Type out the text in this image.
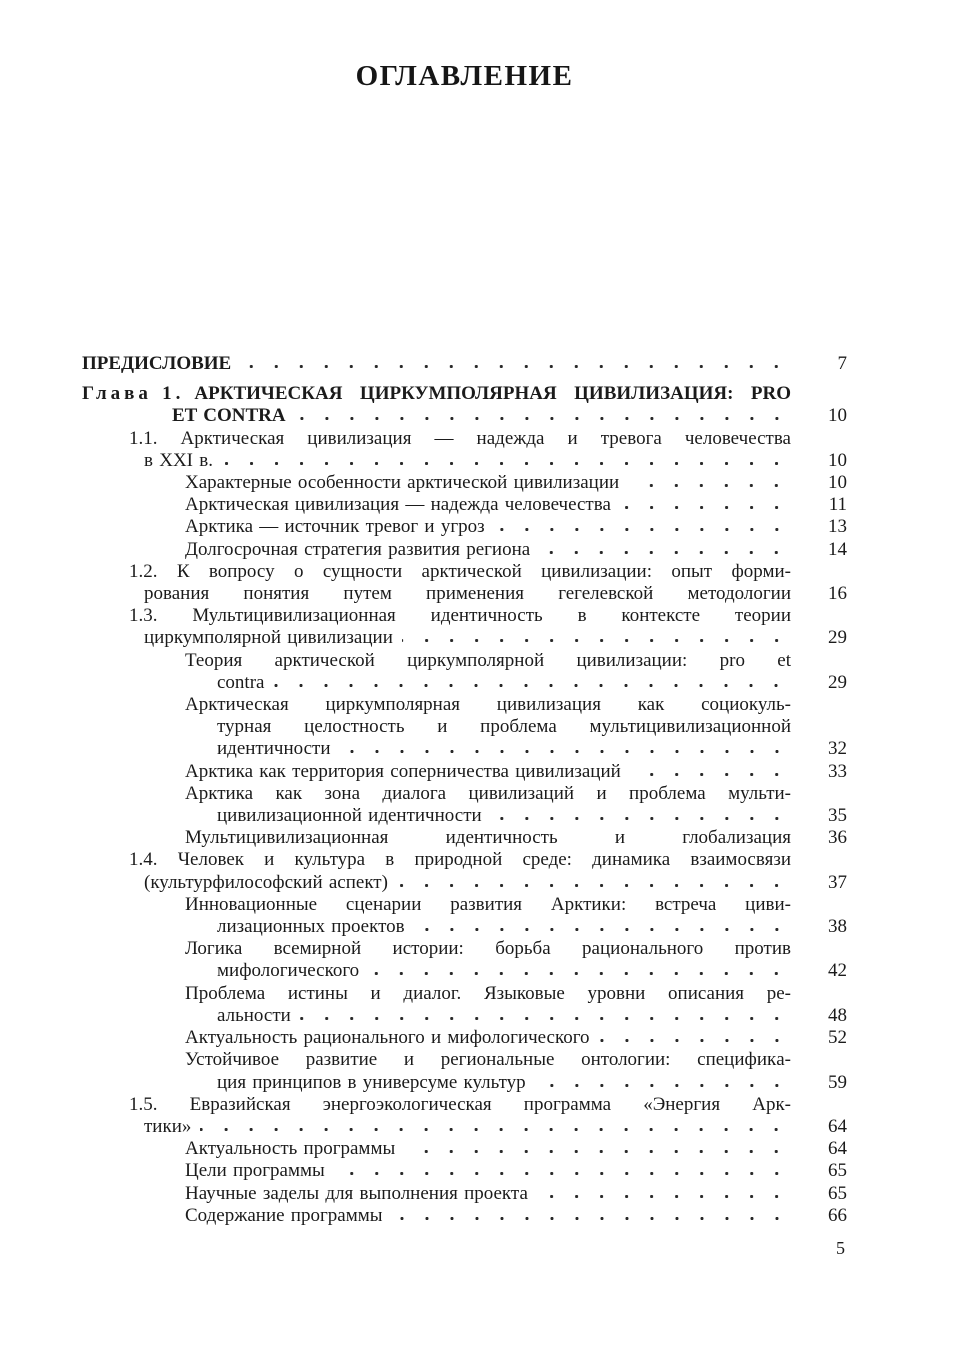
ОГЛАВЛЕНИЕ
ПРЕДИСЛОВИЕ	7
Глава 1. АРКТИЧЕСКАЯ ЦИРКУМПОЛЯРНАЯ ЦИВИЛИЗАЦИЯ: PRO
ET CONTRA	10
1.1. Арктическая цивилизация — надежда и тревога человечества
в XXI в.	10
Характерные особенности арктической цивилизации	10
Арктическая цивилизация — надежда человечества	11
Арктика — источник тревог и угроз	13
Долгосрочная стратегия развития региона	14
1.2. К вопросу о сущности арктической цивилизации: опыт форми-
рования понятия путем применения гегелевской методологии	16
1.3. Мультицивилизационная идентичность в контексте теории
циркумполярной цивилизации	29
Теория арктической циркумполярной цивилизации: pro et
contra	29
Арктическая циркумполярная цивилизация как социокуль-
турная целостность и проблема мультицивилизационной
идентичности	32
Арктика как территория соперничества цивилизаций	33
Арктика как зона диалога цивилизаций и проблема мульти-
цивилизационной идентичности	35
Мультицивилизационная идентичность и глобализация	36
1.4. Человек и культура в природной среде: динамика взаимосвязи
(культурфилософский аспект)	37
Инновационные сценарии развития Арктики: встреча циви-
лизационных проектов	38
Логика всемирной истории: борьба рационального против
мифологического	42
Проблема истины и диалог. Языковые уровни описания ре-
альности	48
Актуальность рационального и мифологического	52
Устойчивое развитие и региональные онтологии: спецификa-
ция принципов в универсуме культур	59
1.5. Евразийская энергоэкологическая программа «Энергия Арк-
тики»	64
Актуальность программы	64
Цели программы	65
Научные заделы для выполнения проекта	65
Содержание программы	66
5
